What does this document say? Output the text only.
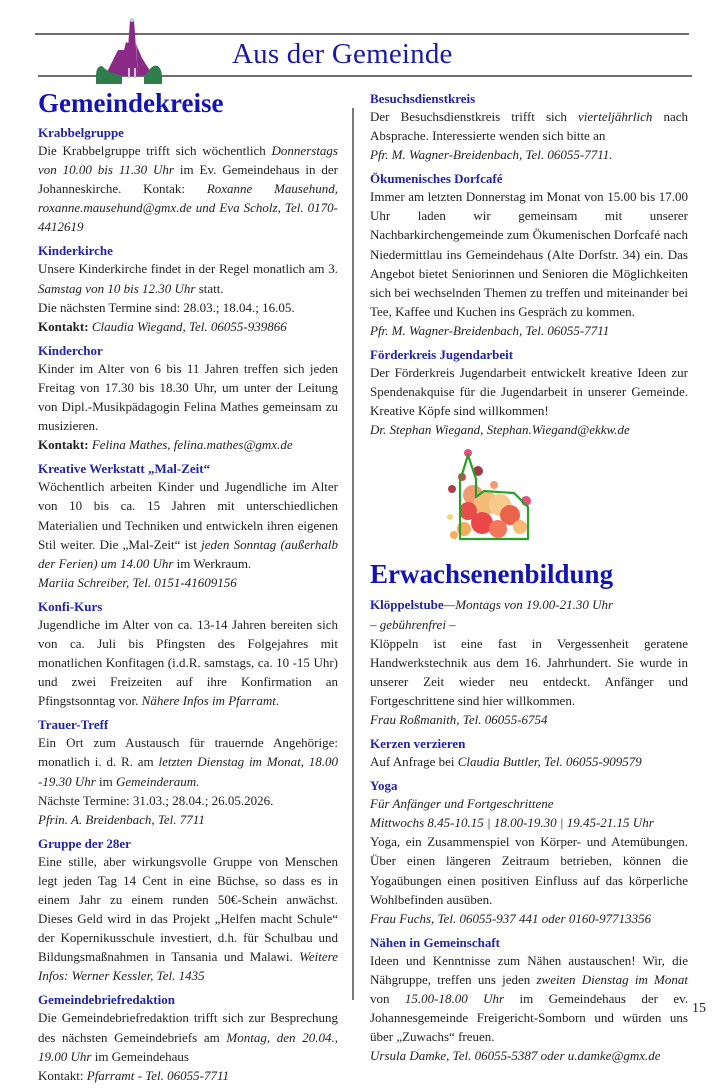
Aus der Gemeinde
Gemeindekreise
Krabbelgruppe
Die Krabbelgruppe trifft sich wöchentlich Donnerstags von 10.00 bis 11.30 Uhr im Ev. Gemeindehaus in der Johanneskirche. Kontak: Roxanne Mausehund, roxanne.mausehund@gmx.de und Eva Scholz, Tel. 0170-4412619
Kinderkirche

Unsere Kinderkirche findet in der Regel monatlich am 3. Samstag von 10 bis 12.30 Uhr statt.

Die nächsten Termine sind: 28.03.; 18.04.; 16.05.

Kontakt: Claudia Wiegand, Tel. 06055-939866

Kinderchor

Kinder im Alter von 6 bis 11 Jahren treffen sich jeden Freitag von 17.30 bis 18.30 Uhr, um unter der Leitung von Dipl.-Musikpädagogin Felina Mathes gemeinsam zu musizieren.

Kontakt: Felina Mathes, felina.mathes@gmx.de

Kreative Werkstatt „Mal-Zeit“

Wöchentlich arbeiten Kinder und Jugendliche im Alter von 10 bis ca. 15 Jahren mit unterschiedlichen Materialien und Techniken und entwickeln ihren eigenen Stil weiter. Die „Mal-Zeit“ ist jeden Sonntag (außerhalb der Ferien) um 14.00 Uhr im Werkraum.

Mariia Schreiber, Tel. 0151-41609156

Konfi-Kurs
Jugendliche im Alter von ca. 13-14 Jahren bereiten sich von ca. Juli bis Pfingsten des Folgejahres mit monatlichen Konfitagen (i.d.R. samstags, ca. 10 -15 Uhr) und zwei Freizeiten auf ihre Konfirmation an Pfingstsonntag vor. Nähere Infos im Pfarramt.
Trauer-Treff

Ein Ort zum Austausch für trauernde Angehörige: monatlich i. d. R. am letzten Dienstag im Monat, 18.00 -19.30 Uhr im Gemeinderaum.

Nächste Termine: 31.03.; 28.04.; 26.05.2026.

Pfrin. A. Breidenbach, Tel. 7711

Gruppe der 28er
Eine stille, aber wirkungsvolle Gruppe von Menschen legt jeden Tag 14 Cent in eine Büchse, so dass es in einem Jahr zu einem runden 50€-Schein anwächst. Dieses Geld wird in das Projekt „Helfen macht Schule“ der Kopernikusschule investiert, d.h. für Schulbau und Bildungsmaßnahmen in Tansania und Malawi. Weitere Infos: Werner Kessler, Tel. 1435
Gemeindebriefredaktion

Die Gemeindebriefredaktion trifft sich zur Besprechung des nächsten Gemeindebriefs am Montag, den 20.04., 19.00 Uhr im Gemeindehaus

Kontakt: Pfarramt - Tel. 06055-7711

Besuchsdienstkreis

Der Besuchsdienstkreis trifft sich vierteljährlich nach Absprache. Interessierte wenden sich bitte an

Pfr. M. Wagner-Breidenbach, Tel. 06055-7711.

Ökumenisches Dorfcafé

Immer am letzten Donnerstag im Monat von 15.00 bis 17.00 Uhr laden wir gemeinsam mit unserer Nachbarkirchengemeinde zum Ökumenischen Dorfcafé nach Niedermittlau ins Gemeindehaus (Alte Dorfstr. 34) ein. Das Angebot bietet Seniorinnen und Senioren die Möglichkeiten sich bei wechselnden Themen zu treffen und miteinander bei Tee, Kaffee und Kuchen ins Gespräch zu kommen.

Pfr. M. Wagner-Breidenbach, Tel. 06055-7711

Förderkreis Jugendarbeit

Der Förderkreis Jugendarbeit entwickelt kreative Ideen zur Spendenakquise für die Jugendarbeit in unserer Gemeinde. Kreative Köpfe sind willkommen!

Dr. Stephan Wiegand, Stephan.Wiegand@ekkw.de

Erwachsenenbildung

Klöppelstube—Montags von 19.00-21.30 Uhr

– gebührenfrei –

Klöppeln ist eine fast in Vergessenheit geratene Handwerkstechnik aus dem 16. Jahrhundert. Sie wurde in unserer Zeit wieder neu entdeckt. Anfänger und Fortgeschrittene sind hier willkommen.

Frau Roßmanith, Tel. 06055-6754

Kerzen verzieren
Auf Anfrage bei Claudia Buttler, Tel. 06055-909579
Yoga

Für Anfänger und Fortgeschrittene

Mittwochs 8.45-10.15 | 18.00-19.30 | 19.45-21.15 Uhr

Yoga, ein Zusammenspiel von Körper- und Atemübungen. Über einen längeren Zeitraum betrieben, können die Yogaübungen einen positiven Einfluss auf das körperliche Wohlbefinden ausüben.

Frau Fuchs, Tel. 06055-937 441 oder 0160-97713356

Nähen in Gemeinschaft

Ideen und Kenntnisse zum Nähen austauschen! Wir, die Nähgruppe, treffen uns jeden zweiten Dienstag im Monat von 15.00-18.00 Uhr im Gemeindehaus der ev. Johannesgemeinde Freigericht-Somborn und würden uns über „Zuwachs“ freuen.

Ursula Damke, Tel. 06055-5387 oder u.damke@gmx.de

15
